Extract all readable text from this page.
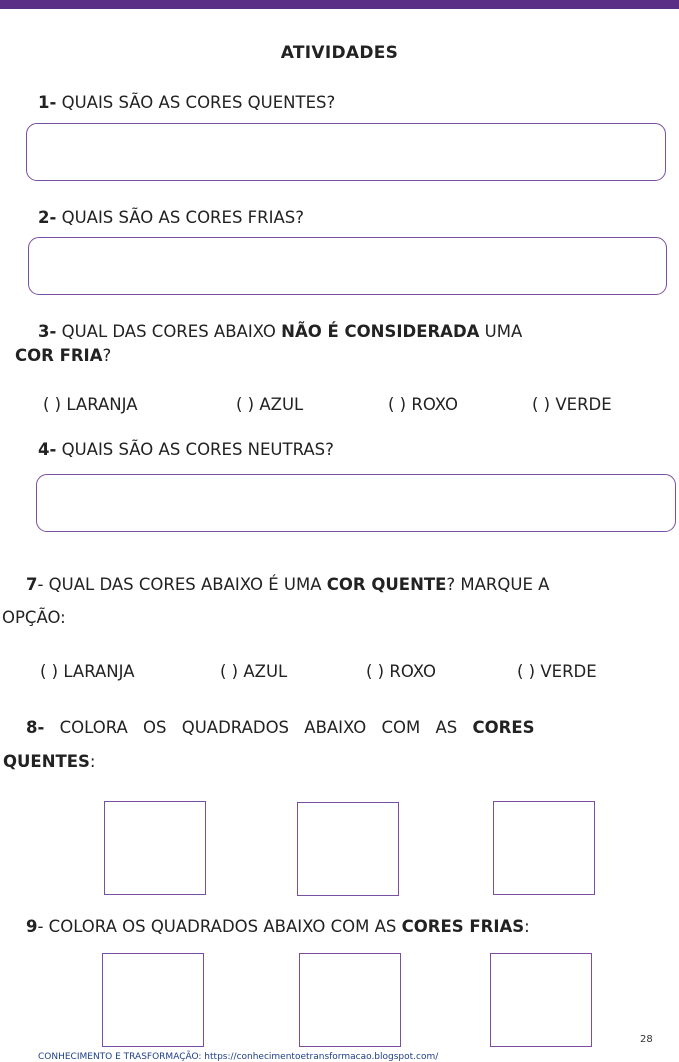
ATIVIDADES
1- QUAIS SÃO AS CORES QUENTES?
2- QUAIS SÃO AS CORES FRIAS?
3- QUAL DAS CORES ABAIXO NÃO É CONSIDERADA UMA
COR FRIA?
( ) LARANJA	( ) AZUL	( ) ROXO	( ) VERDE
4- QUAIS SÃO AS CORES NEUTRAS?
7- QUAL DAS CORES ABAIXO É UMA COR QUENTE? MARQUE A
OPÇÃO:
( ) LARANJA	( ) AZUL	( ) ROXO	( ) VERDE
8- COLORA OS QUADRADOS ABAIXO COM AS CORES
QUENTES:
9- COLORA OS QUADRADOS ABAIXO COM AS CORES FRIAS:
28
CONHECIMENTO E TRASFORMAÇÃO: https://conhecimentoetransformacao.blogspot.com/
